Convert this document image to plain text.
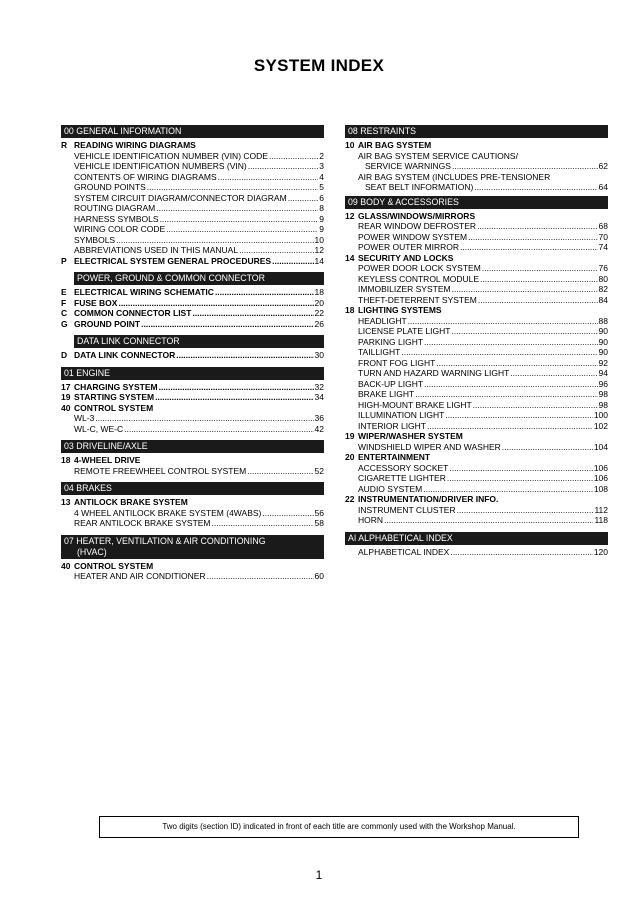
SYSTEM INDEX
00 GENERAL INFORMATION
R READING WIRING DIAGRAMS
VEHICLE IDENTIFICATION NUMBER (VIN) CODE .....	2
VEHICLE IDENTIFICATION NUMBERS (VIN) .....	3
CONTENTS OF WIRING DIAGRAMS .....	4
GROUND POINTS .....	5
SYSTEM CIRCUIT DIAGRAM/CONNECTOR DIAGRAM .....	6
ROUTING DIAGRAM .....	8
HARNESS SYMBOLS .....	9
WIRING COLOR CODE .....	9
SYMBOLS .....	10
ABBREVIATIONS USED IN THIS MANUAL .....	12
P ELECTRICAL SYSTEM GENERAL PROCEDURES .....	14
POWER, GROUND & COMMON CONNECTOR
E ELECTRICAL WIRING SCHEMATIC .....	18
F FUSE BOX .....	20
C COMMON CONNECTOR LIST .....	22
G GROUND POINT .....	26
DATA LINK CONNECTOR
D DATA LINK CONNECTOR .....	30
01 ENGINE
17 CHARGING SYSTEM .....	32
19 STARTING SYSTEM .....	34
40 CONTROL SYSTEM
WL-3 .....	36
WL-C, WE-C .....	42
03 DRIVELINE/AXLE
18 4-WHEEL DRIVE
REMOTE FREEWHEEL CONTROL SYSTEM .....	52
04 BRAKES
13 ANTILOCK BRAKE SYSTEM
4 WHEEL ANTILOCK BRAKE SYSTEM (4WABS) .....	56
REAR ANTILOCK BRAKE SYSTEM .....	58
07 HEATER, VENTILATION & AIR CONDITIONING
(HVAC)
40 CONTROL SYSTEM
HEATER AND AIR CONDITIONER .....	60
08 RESTRAINTS
10 AIR BAG SYSTEM
AIR BAG SYSTEM SERVICE CAUTIONS/
SERVICE WARNINGS .....	62
AIR BAG SYSTEM (INCLUDES PRE-TENSIONER
SEAT BELT INFORMATION) .....	64
09 BODY & ACCESSORIES
12 GLASS/WINDOWS/MIRRORS
REAR WINDOW DEFROSTER .....	68
POWER WINDOW SYSTEM .....	70
POWER OUTER MIRROR .....	74
14 SECURITY AND LOCKS
POWER DOOR LOCK SYSTEM .....	76
KEYLESS CONTROL MODULE .....	80
IMMOBILIZER SYSTEM .....	82
THEFT-DETERRENT SYSTEM .....	84
18 LIGHTING SYSTEMS
HEADLIGHT .....	88
LICENSE PLATE LIGHT .....	90
PARKING LIGHT .....	90
TAILLIGHT .....	90
FRONT FOG LIGHT .....	92
TURN AND HAZARD WARNING LIGHT .....	94
BACK-UP LIGHT .....	96
BRAKE LIGHT .....	98
HIGH-MOUNT BRAKE LIGHT .....	98
ILLUMINATION LIGHT .....	100
INTERIOR LIGHT .....	102
19 WIPER/WASHER SYSTEM
WINDSHIELD WIPER AND WASHER .....	104
20 ENTERTAINMENT
ACCESSORY SOCKET .....	106
CIGARETTE LIGHTER .....	106
AUDIO SYSTEM .....	108
22 INSTRUMENTATION/DRIVER INFO.
INSTRUMENT CLUSTER .....	112
HORN .....	118
AI ALPHABETICAL INDEX
ALPHABETICAL INDEX .....	120
Two digits (section ID) indicated in front of each title are commonly used with the Workshop Manual.
1
